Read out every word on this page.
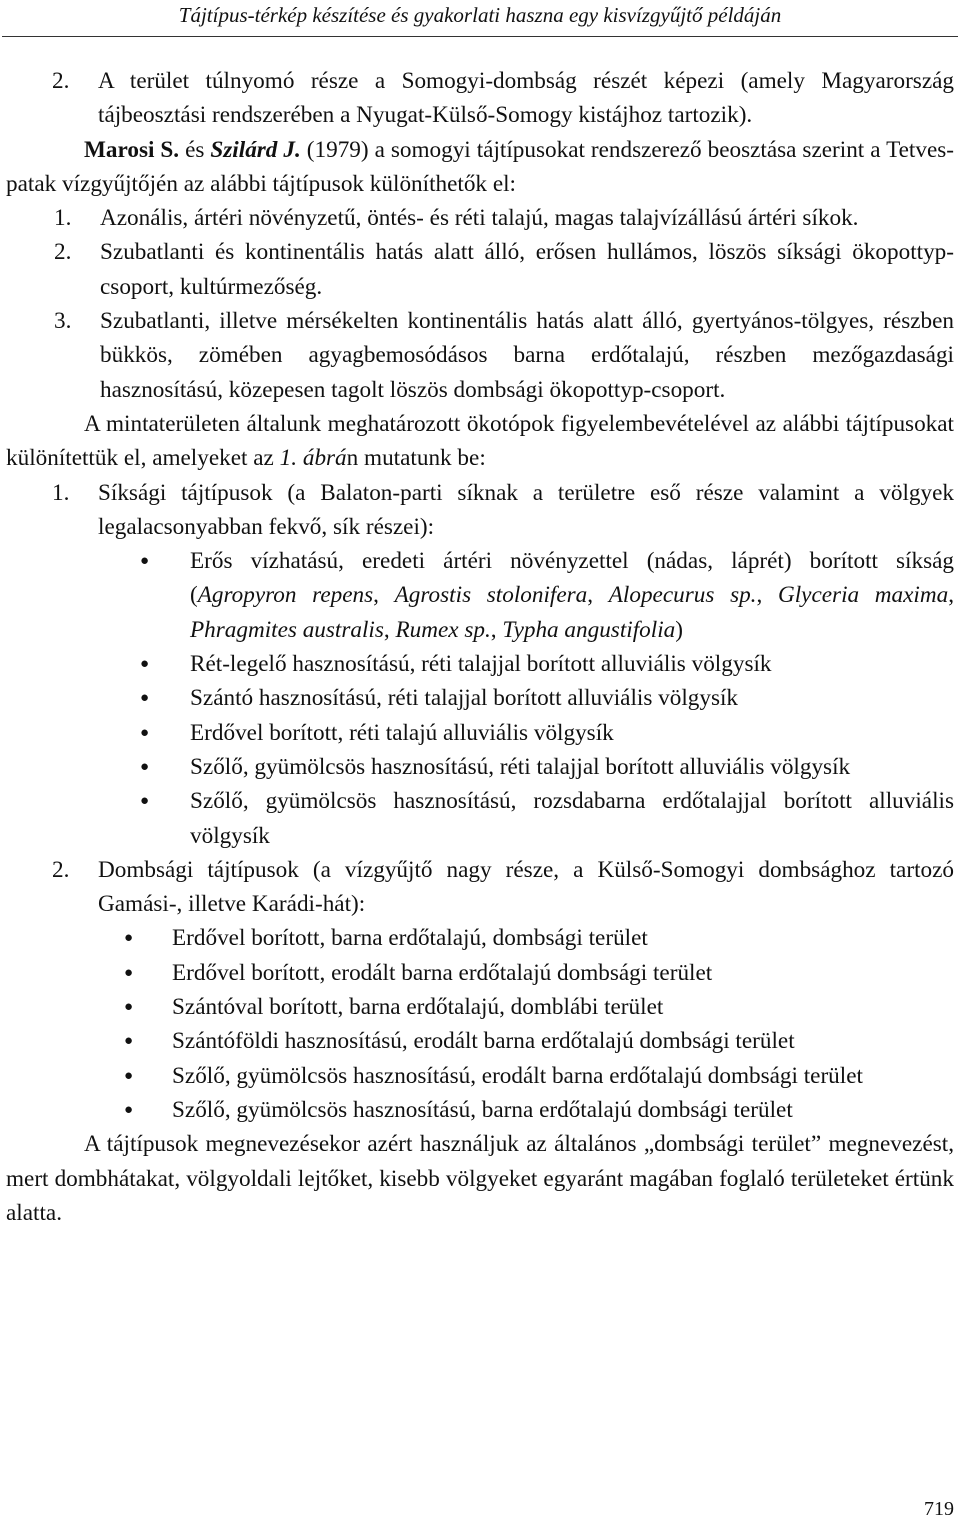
Tájtípus-térkép készítése és gyakorlati haszna egy kisvízgyűjtő példáján
2. A terület túlnyomó része a Somogyi-dombság részét képezi (amely Magyarország tájbeosztási rendszerében a Nyugat-Külső-Somogy kistájhoz tartozik).
Marosi S. és Szilárd J. (1979) a somogyi tájtípusokat rendszerező beosztása szerint a Tetves-patak vízgyűjtőjén az alábbi tájtípusok különíthetők el:
1. Azonális, ártéri növényzetű, öntés- és réti talajú, magas talajvízállású ártéri síkok.
2. Szubatlanti és kontinentális hatás alatt álló, erősen hullámos, löszös síksági ökopottyp-csoport, kultúrmezőség.
3. Szubatlanti, illetve mérsékelten kontinentális hatás alatt álló, gyertyános-tölgyes, részben bükkös, zömében agyagbemosódásos barna erdőtalajú, részben mezőgazdasági hasznosítású, közepesen tagolt löszös dombsági ökopottyp-csoport.
A mintaterületen általunk meghatározott ökotópok figyelembevételével az alábbi tájtípusokat különítettük el, amelyeket az 1. ábrán mutatunk be:
1. Síksági tájtípusok (a Balaton-parti síknak a területre eső része valamint a völgyek legalacsonyabban fekvő, sík részei):
● Erős vízhatású, eredeti ártéri növényzettel (nádas, láprét) borított síkság (Agropyron repens, Agrostis stolonifera, Alopecurus sp., Glyceria maxima, Phragmites australis, Rumex sp., Typha angustifolia)
● Rét-legelő hasznosítású, réti talajjal borított alluviális völgysík
● Szántó hasznosítású, réti talajjal borított alluviális völgysík
● Erdővel borított, réti talajú alluviális völgysík
● Szőlő, gyümölcsös hasznosítású, réti talajjal borított alluviális völgysík
● Szőlő, gyümölcsös hasznosítású, rozsdabarna erdőtalajjal borított alluviális völgysík
2. Dombsági tájtípusok (a vízgyűjtő nagy része, a Külső-Somogyi dombsághoz tartozó Gamási-, illetve Karádi-hát):
● Erdővel borított, barna erdőtalajú, dombsági terület
● Erdővel borított, erodált barna erdőtalajú dombsági terület
● Szántóval borított, barna erdőtalajú, domblábi terület
● Szántóföldi hasznosítású, erodált barna erdőtalajú dombsági terület
● Szőlő, gyümölcsös hasznosítású, erodált barna erdőtalajú dombsági terület
● Szőlő, gyümölcsös hasznosítású, barna erdőtalajú dombsági terület
A tájtípusok megnevezésekor azért használjuk az általános „dombsági terület” megnevezést, mert dombhátakat, völgyoldali lejtőket, kisebb völgyeket egyaránt magában foglaló területeket értünk alatta.
719
